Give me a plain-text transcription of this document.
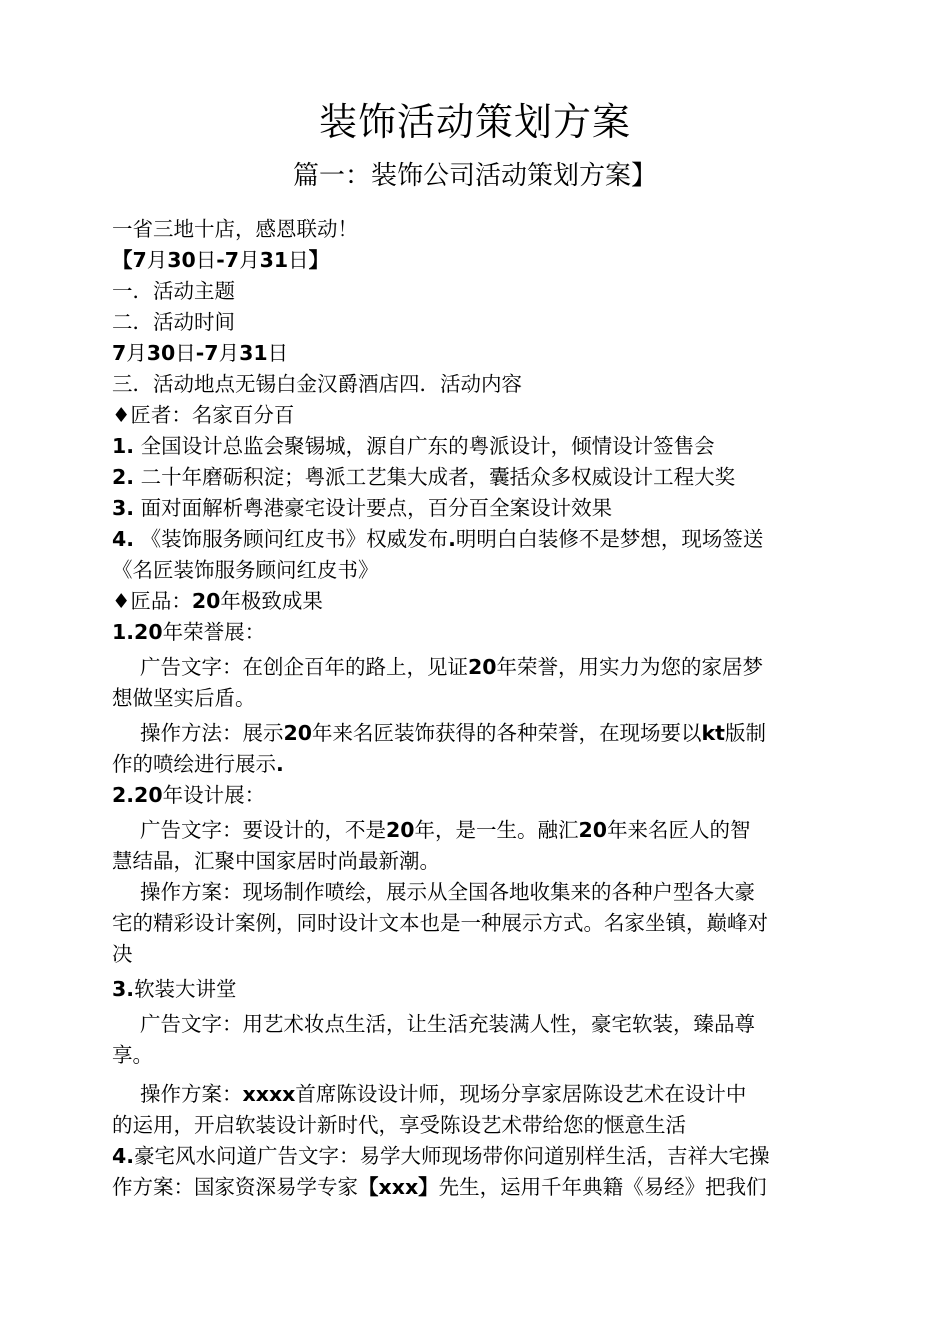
装饰活动策划方案
篇一：装饰公司活动策划方案】
一省三地十店，感恩联动！
【7月30日-7月31日】
一．活动主题
二．活动时间
7月30日-7月31日
三．活动地点无锡白金汉爵酒店四．活动内容
♦匠者：名家百分百
1. 全国设计总监会聚锡城，源自广东的粤派设计，倾情设计签售会
2. 二十年磨砺积淀；粤派工艺集大成者，囊括众多权威设计工程大奖
3. 面对面解析粤港豪宅设计要点，百分百全案设计效果
4. 《装饰服务顾问红皮书》权威发布.明明白白装修不是梦想，现场签送
《名匠装饰服务顾问红皮书》
♦匠品：20年极致成果
1.20年荣誉展：
广告文字：在创企百年的路上，见证20年荣誉，用实力为您的家居梦
想做坚实后盾。
操作方法：展示20年来名匠装饰获得的各种荣誉，在现场要以kt版制
作的喷绘进行展示.
2.20年设计展：
广告文字：要设计的，不是20年，是一生。融汇20年来名匠人的智
慧结晶，汇聚中国家居时尚最新潮。
操作方案：现场制作喷绘，展示从全国各地收集来的各种户型各大豪
宅的精彩设计案例，同时设计文本也是一种展示方式。名家坐镇，巅峰对
决
3.软装大讲堂
广告文字：用艺术妆点生活，让生活充装满人性，豪宅软装，臻品尊
享。
操作方案：xxxx首席陈设设计师，现场分享家居陈设艺术在设计中
的运用，开启软装设计新时代，享受陈设艺术带给您的惬意生活
4.豪宅风水问道广告文字：易学大师现场带你问道别样生活，吉祥大宅操
作方案：国家资深易学专家【xxx】先生，运用千年典籍《易经》把我们
